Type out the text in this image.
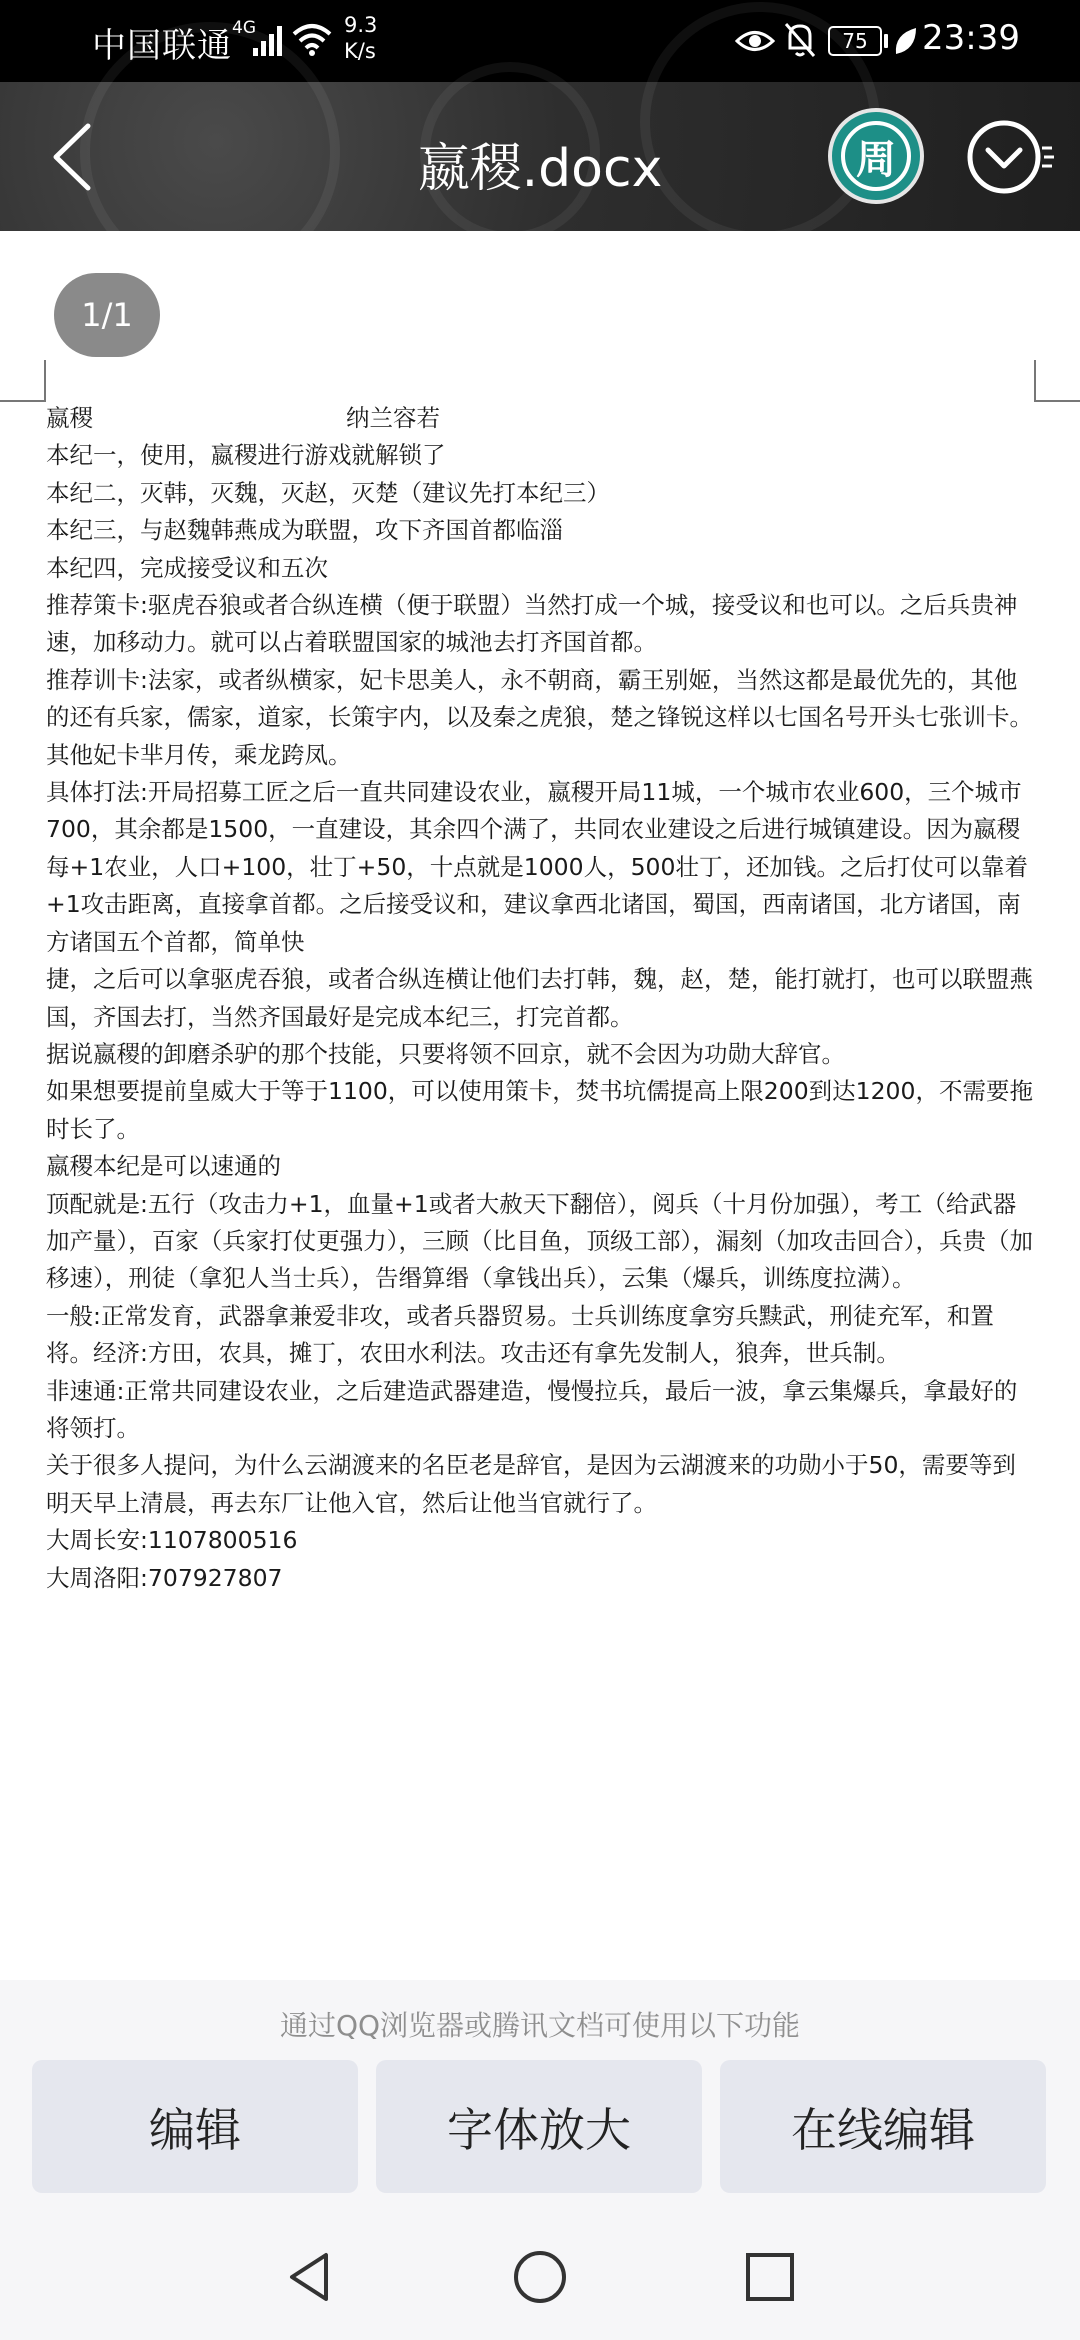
中国联通 4G	9.3
K/s	75	23:39
嬴稷.docx	周
1/1

嬴稷	纳兰容若

本纪一，使用，嬴稷进行游戏就解锁了

本纪二，灭韩，灭魏，灭赵，灭楚（建议先打本纪三）

本纪三，与赵魏韩燕成为联盟，攻下齐国首都临淄

本纪四，完成接受议和五次

推荐策卡:驱虎吞狼或者合纵连横（便于联盟）当然打成一个城，接受议和也可以。之后兵贵神速，加移动力。就可以占着联盟国家的城池去打齐国首都。

推荐训卡:法家，或者纵横家，妃卡思美人，永不朝商，霸王别姬，当然这都是最优先的，其他的还有兵家，儒家，道家，长策宇内，以及秦之虎狼，楚之锋锐这样以七国名号开头七张训卡。其他妃卡芈月传，乘龙跨凤。

具体打法:开局招募工匠之后一直共同建设农业，嬴稷开局11城，一个城市农业600，三个城市700，其余都是1500，一直建设，其余四个满了，共同农业建设之后进行城镇建设。因为嬴稷每+1农业，人口+100，壮丁+50，十点就是1000人，500壮丁，还加钱。之后打仗可以靠着+1攻击距离，直接拿首都。之后接受议和，建议拿西北诸国，蜀国，西南诸国，北方诸国，南方诸国五个首都，简单快

捷，之后可以拿驱虎吞狼，或者合纵连横让他们去打韩，魏，赵，楚，能打就打，也可以联盟燕国，齐国去打，当然齐国最好是完成本纪三，打完首都。

据说嬴稷的卸磨杀驴的那个技能，只要将领不回京，就不会因为功勋大辞官。

如果想要提前皇威大于等于1100，可以使用策卡，焚书坑儒提高上限200到达1200，不需要拖时长了。

嬴稷本纪是可以速通的

顶配就是:五行（攻击力+1，血量+1或者大赦天下翻倍），阅兵（十月份加强），考工（给武器加产量），百家（兵家打仗更强力），三顾（比目鱼，顶级工部），漏刻（加攻击回合），兵贵（加移速），刑徒（拿犯人当士兵），告缗算缗（拿钱出兵），云集（爆兵，训练度拉满）。

一般:正常发育，武器拿兼爱非攻，或者兵器贸易。士兵训练度拿穷兵黩武，刑徒充军，和置将。经济:方田，农具，摊丁，农田水利法。攻击还有拿先发制人，狼奔，世兵制。

非速通:正常共同建设农业，之后建造武器建造，慢慢拉兵，最后一波，拿云集爆兵，拿最好的将领打。

关于很多人提问，为什么云湖渡来的名臣老是辞官，是因为云湖渡来的功勋小于50，需要等到明天早上清晨，再去东厂让他入官，然后让他当官就行了。

大周长安:1107800516

大周洛阳:707927807

编辑	字体放大	在线编辑
通过QQ浏览器或腾讯文档可使用以下功能
